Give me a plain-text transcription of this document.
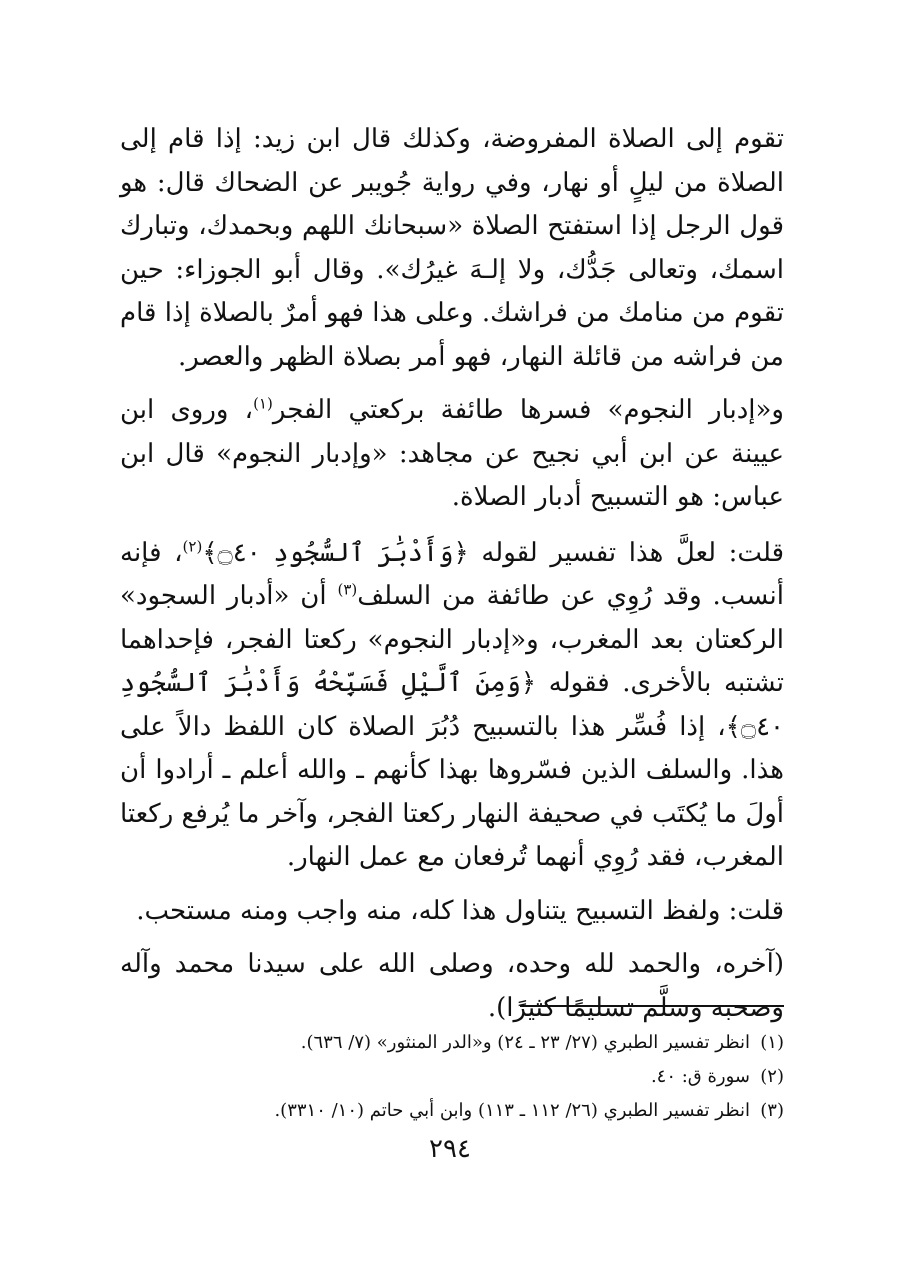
تقوم إلى الصلاة المفروضة، وكذلك قال ابن زيد: إذا قام إلى الصلاة من ليلٍ أو نهار، وفي رواية جُويبر عن الضحاك قال: هو قول الرجل إذا استفتح الصلاة «سبحانك اللهم وبحمدك، وتبارك اسمك، وتعالى جَدُّك، ولا إلـهَ غيرُك». وقال أبو الجوزاء: حين تقوم من منامك من فراشك. وعلى هذا فهو أمرٌ بالصلاة إذا قام من فراشه من قائلة النهار، فهو أمر بصلاة الظهر والعصر.

و«إدبار النجوم» فسرها طائفة بركعتي الفجر$^{(١)}$، وروى ابن عيينة عن ابن أبي نجيح عن مجاهد: «وإدبار النجوم» قال ابن عباس: هو التسبيح أدبار الصلاة.

قلت: لعلَّ هذا تفسير لقوله ﴿وَأَدْبَٰرَ ٱلسُّجُودِ ۝٤٠﴾$^{(٢)}$، فإنه أنسب. وقد رُوِي عن طائفة من السلف$^{(٣)}$ أن «أدبار السجود» الركعتان بعد المغرب، و«إدبار النجوم» ركعتا الفجر، فإحداهما تشتبه بالأخرى. فقوله ﴿وَمِنَ ٱلَّيْلِ فَسَبِّحْهُ وَأَدْبَٰرَ ٱلسُّجُودِ ۝٤٠﴾، إذا فُسِّر هذا بالتسبيح دُبُرَ الصلاة كان اللفظ دالاً على هذا. والسلف الذين فسّروها بهذا كأنهم ـ والله أعلم ـ أرادوا أن أولَ ما يُكتَب في صحيفة النهار ركعتا الفجر، وآخر ما يُرفع ركعتا المغرب، فقد رُوِي أنهما تُرفعان مع عمل النهار.

قلت: ولفظ التسبيح يتناول هذا كله، منه واجب ومنه مستحب.

(آخره، والحمد لله وحده، وصلى الله على سيدنا محمد وآله وصحبه وسلَّم تسليمًا كثيرًا).

(١)انظر تفسير الطبري (٢٧/ ٢٣ ـ ٢٤) و«الدر المنثور» (٧/ ٦٣٦).

(٢)سورة ق: ٤٠.

(٣)انظر تفسير الطبري (٢٦/ ١١٢ ـ ١١٣) وابن أبي حاتم (١٠/ ٣٣١٠).

٢٩٤
